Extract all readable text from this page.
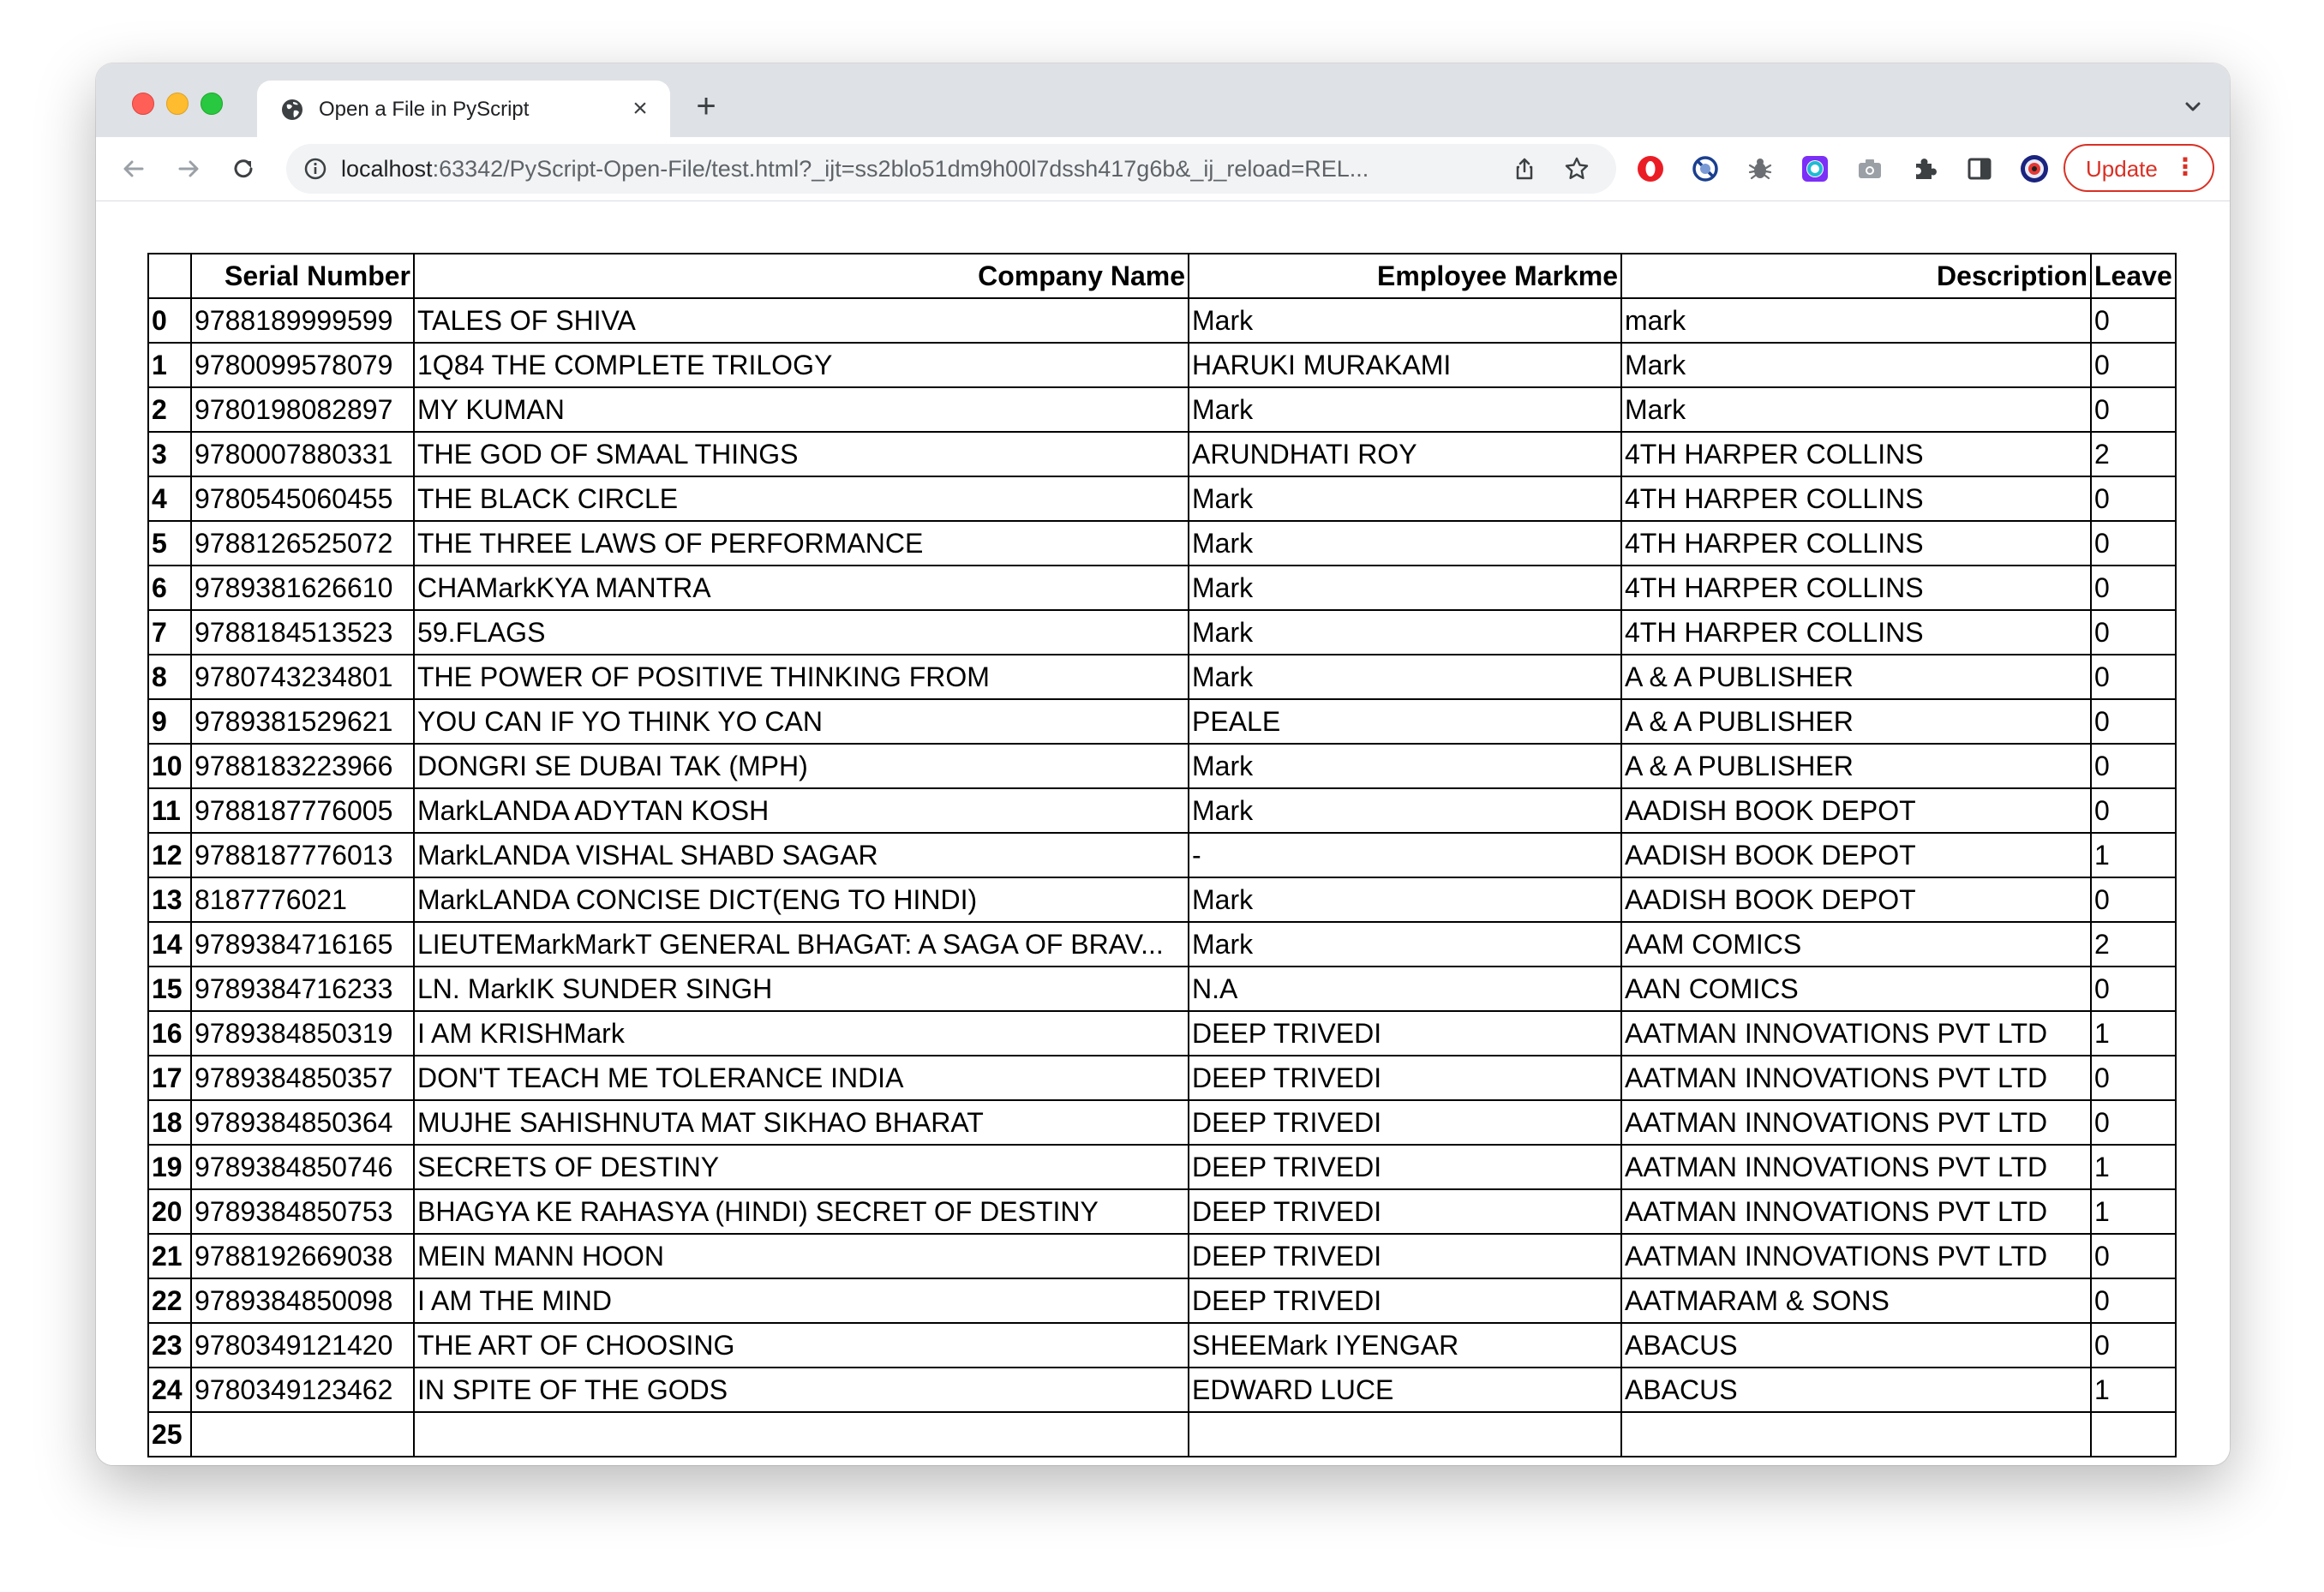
Open a File in PyScript	× +
localhost:63342/PyScript-Open-File/test.html?_ijt=ss2blo51dm9h00l7dssh417g6b&_ij_reload=REL...	Update ⋮
	Serial Number	Company Name	Employee Markme	Description	Leave
0	9788189999599	TALES OF SHIVA	Mark	mark	0
1	9780099578079	1Q84 THE COMPLETE TRILOGY	HARUKI MURAKAMI	Mark	0
2	9780198082897	MY KUMAN	Mark	Mark	0
3	9780007880331	THE GOD OF SMAAL THINGS	ARUNDHATI ROY	4TH HARPER COLLINS	2
4	9780545060455	THE BLACK CIRCLE	Mark	4TH HARPER COLLINS	0
5	9788126525072	THE THREE LAWS OF PERFORMANCE	Mark	4TH HARPER COLLINS	0
6	9789381626610	CHAMarkKYA MANTRA	Mark	4TH HARPER COLLINS	0
7	9788184513523	59.FLAGS	Mark	4TH HARPER COLLINS	0
8	9780743234801	THE POWER OF POSITIVE THINKING FROM	Mark	A & A PUBLISHER	0
9	9789381529621	YOU CAN IF YO THINK YO CAN	PEALE	A & A PUBLISHER	0
10	9788183223966	DONGRI SE DUBAI TAK (MPH)	Mark	A & A PUBLISHER	0
11	9788187776005	MarkLANDA ADYTAN KOSH	Mark	AADISH BOOK DEPOT	0
12	9788187776013	MarkLANDA VISHAL SHABD SAGAR	-	AADISH BOOK DEPOT	1
13	8187776021	MarkLANDA CONCISE DICT(ENG TO HINDI)	Mark	AADISH BOOK DEPOT	0
14	9789384716165	LIEUTEMarkMarkT GENERAL BHAGAT: A SAGA OF BRAV...	Mark	AAM COMICS	2
15	9789384716233	LN. MarkIK SUNDER SINGH	N.A	AAN COMICS	0
16	9789384850319	I AM KRISHMark	DEEP TRIVEDI	AATMAN INNOVATIONS PVT LTD	1
17	9789384850357	DON'T TEACH ME TOLERANCE INDIA	DEEP TRIVEDI	AATMAN INNOVATIONS PVT LTD	0
18	9789384850364	MUJHE SAHISHNUTA MAT SIKHAO BHARAT	DEEP TRIVEDI	AATMAN INNOVATIONS PVT LTD	0
19	9789384850746	SECRETS OF DESTINY	DEEP TRIVEDI	AATMAN INNOVATIONS PVT LTD	1
20	9789384850753	BHAGYA KE RAHASYA (HINDI) SECRET OF DESTINY	DEEP TRIVEDI	AATMAN INNOVATIONS PVT LTD	1
21	9788192669038	MEIN MANN HOON	DEEP TRIVEDI	AATMAN INNOVATIONS PVT LTD	0
22	9789384850098	I AM THE MIND	DEEP TRIVEDI	AATMARAM & SONS	0
23	9780349121420	THE ART OF CHOOSING	SHEEMark IYENGAR	ABACUS	0
24	9780349123462	IN SPITE OF THE GODS	EDWARD LUCE	ABACUS	1
25					
